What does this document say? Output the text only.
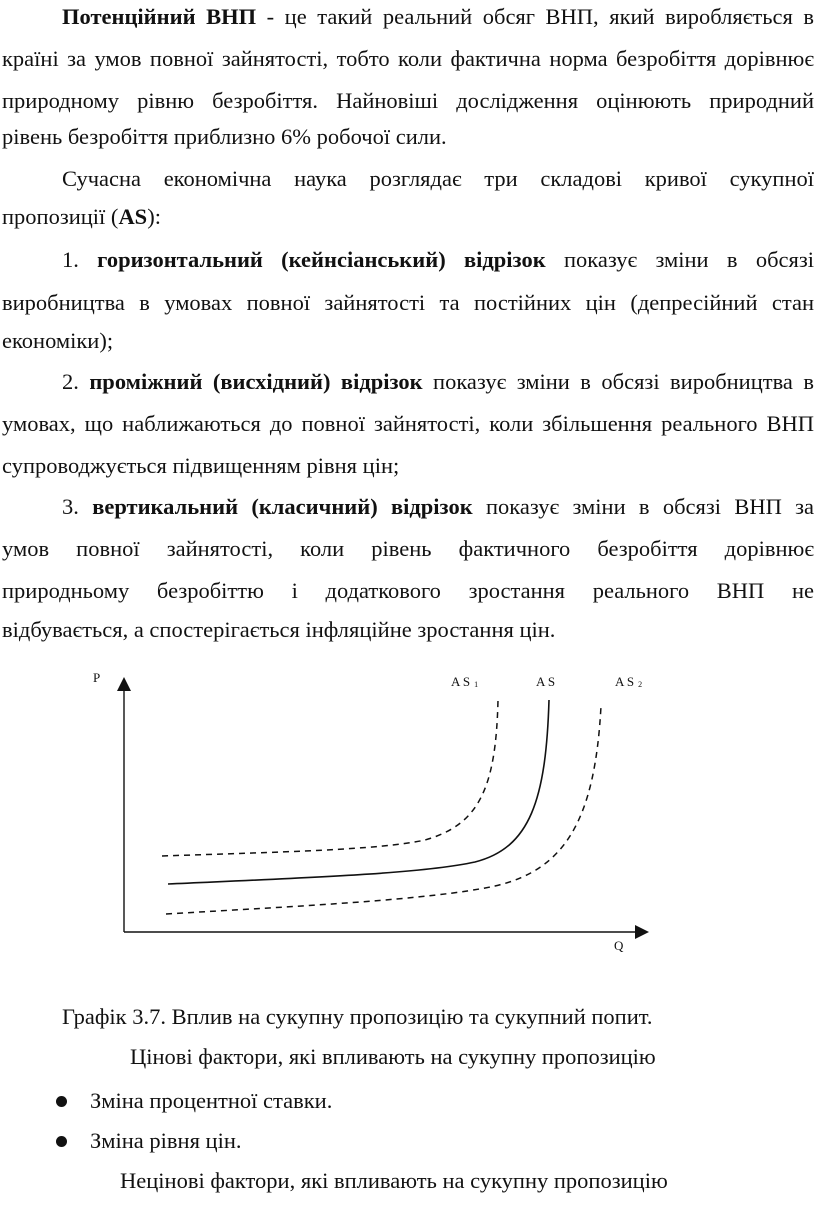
Потенційний ВНП - це такий реальний обсяг ВНП, який виробляється в
країні за умов повної зайнятості, тобто коли фактична норма безробіття дорівнює
природному рівню безробіття. Найновіші дослідження оцінюють природний
рівень безробіття приблизно 6% робочої сили.
Сучасна економічна наука розглядає три складові кривої сукупної
пропозиції (AS):
1. горизонтальний (кейнсіанський) відрізок показує зміни в обсязі
виробництва в умовах повної зайнятості та постійних цін (депресійний стан
економіки);
2. проміжний (висхідний) відрізок показує зміни в обсязі виробництва в
умовах, що наближаються до повної зайнятості, коли збільшення реального ВНП
супроводжується підвищенням рівня цін;
3. вертикальний (класичний) відрізок показує зміни в обсязі ВНП за
умов повної зайнятості, коли рівень фактичного безробіття дорівнює
природньому безробіттю і додаткового зростання реального ВНП не
відбувається, а спостерігається інфляційне зростання цін.
P
Q
A S 1	A S	A S 2
Графік 3.7. Вплив на сукупну пропозицію та сукупний попит.
Цінові фактори, які впливають на сукупну пропозицію
Зміна процентної ставки.
Зміна рівня цін.
Нецінові фактори, які впливають на сукупну пропозицію
